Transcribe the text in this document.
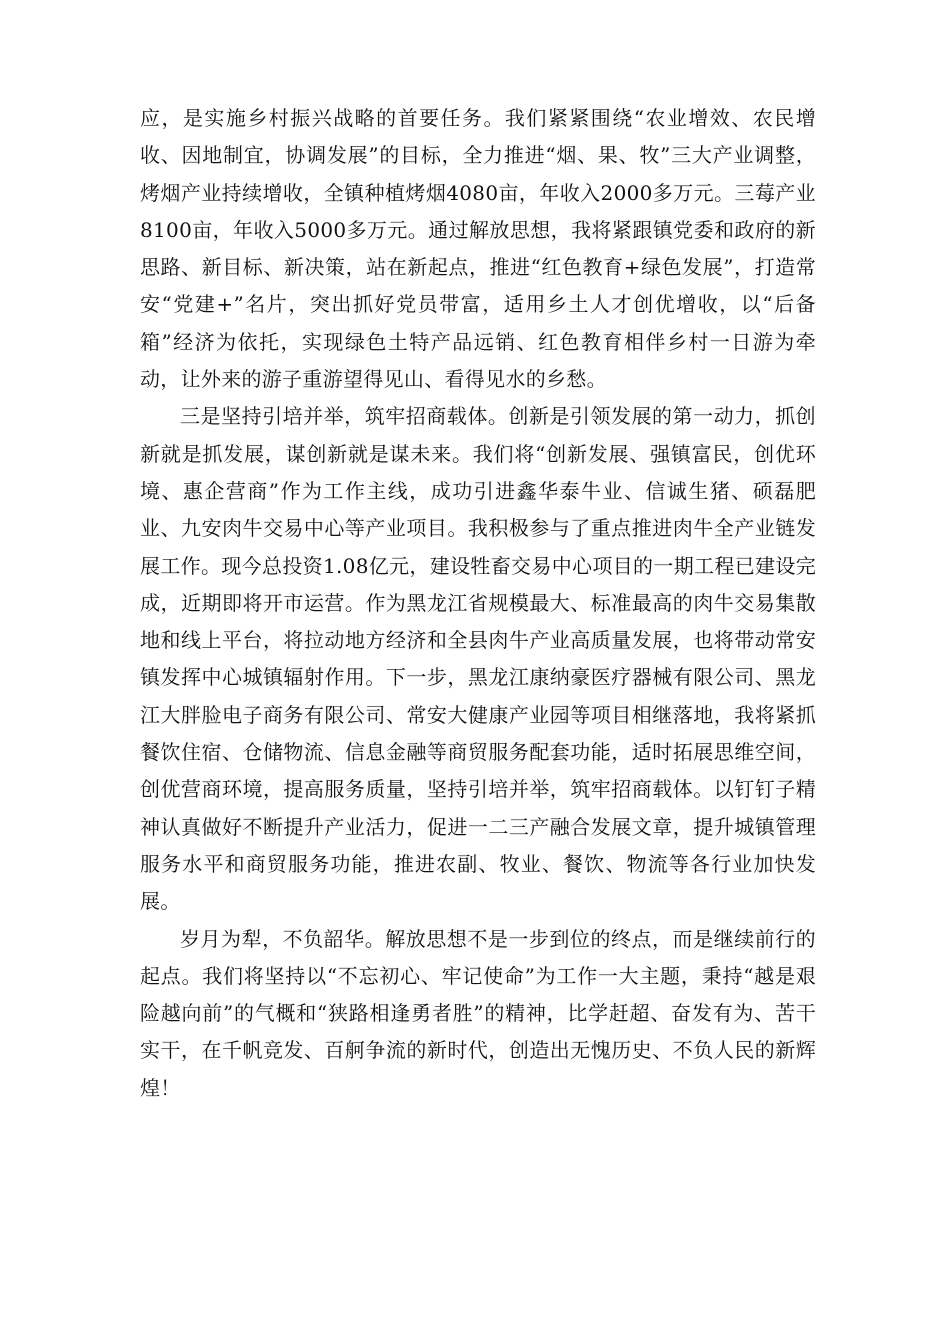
应，是实施乡村振兴战略的首要任务。我们紧紧围绕“农业增效、农民增收、因地制宜，协调发展”的目标，全力推进“烟、果、牧”三大产业调整，烤烟产业持续增收，全镇种植烤烟4080亩，年收入2000多万元。三莓产业8100亩，年收入5000多万元。通过解放思想，我将紧跟镇党委和政府的新思路、新目标、新决策，站在新起点，推进“红色教育+绿色发展”，打造常安“党建+”名片，突出抓好党员带富，适用乡土人才创优增收，以“后备箱”经济为依托，实现绿色土特产品远销、红色教育相伴乡村一日游为牵动，让外来的游子重游望得见山、看得见水的乡愁。

三是坚持引培并举，筑牢招商载体。创新是引领发展的第一动力，抓创新就是抓发展，谋创新就是谋未来。我们将“创新发展、强镇富民，创优环境、惠企营商”作为工作主线，成功引进鑫华泰牛业、信诚生猪、硕磊肥业、九安肉牛交易中心等产业项目。我积极参与了重点推进肉牛全产业链发展工作。现今总投资1.08亿元，建设牲畜交易中心项目的一期工程已建设完成，近期即将开市运营。作为黑龙江省规模最大、标准最高的肉牛交易集散地和线上平台，将拉动地方经济和全县肉牛产业高质量发展，也将带动常安镇发挥中心城镇辐射作用。下一步，黑龙江康纳豪医疗器械有限公司、黑龙江大胖脸电子商务有限公司、常安大健康产业园等项目相继落地，我将紧抓餐饮住宿、仓储物流、信息金融等商贸服务配套功能，适时拓展思维空间，创优营商环境，提高服务质量，坚持引培并举，筑牢招商载体。以钉钉子精神认真做好不断提升产业活力，促进一二三产融合发展文章，提升城镇管理服务水平和商贸服务功能，推进农副、牧业、餐饮、物流等各行业加快发展。

岁月为犁，不负韶华。解放思想不是一步到位的终点，而是继续前行的起点。我们将坚持以“不忘初心、牢记使命”为工作一大主题，秉持“越是艰险越向前”的气概和“狭路相逢勇者胜”的精神，比学赶超、奋发有为、苦干实干，在千帆竞发、百舸争流的新时代，创造出无愧历史、不负人民的新辉煌！
